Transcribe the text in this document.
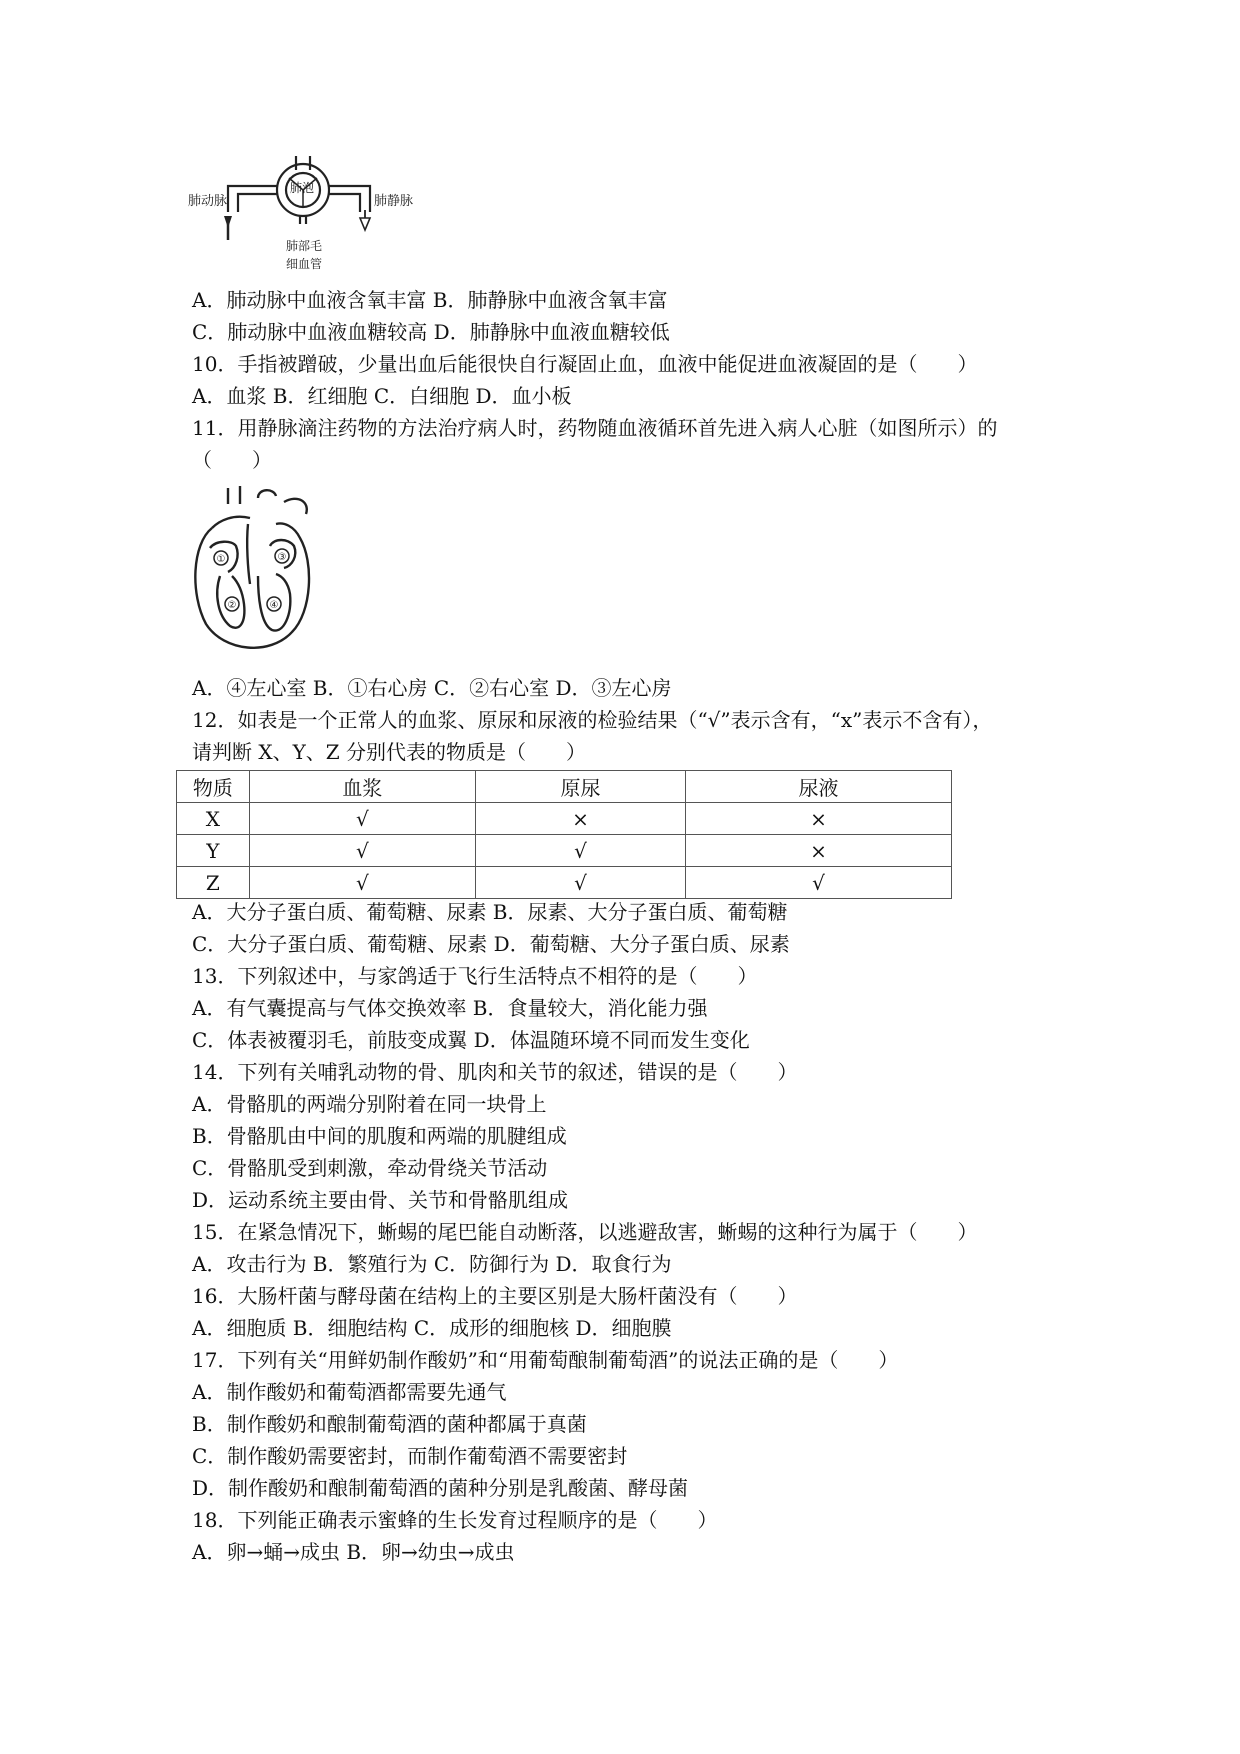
肺泡
肺动脉	肺静脉
肺部毛
细血管
A．肺动脉中血液含氧丰富 B．肺静脉中血液含氧丰富
C．肺动脉中血液血糖较高 D．肺静脉中血液血糖较低
10．手指被蹭破，少量出血后能很快自行凝固止血，血液中能促进血液凝固的是（　　）
A．血浆 B．红细胞 C．白细胞 D．血小板
11．用静脉滴注药物的方法治疗病人时，药物随血液循环首先进入病人心脏（如图所示）的
（　　）
①
②
③
④
A．④左心室 B．①右心房 C．②右心室 D．③左心房
12．如表是一个正常人的血浆、原尿和尿液的检验结果（“√”表示含有，“x”表示不含有），
请判断 X、Y、Z 分别代表的物质是（　　）
物质	血浆	原尿	尿液
X	√	×	×
Y	√	√	×
Z	√	√	√
A．大分子蛋白质、葡萄糖、尿素 B．尿素、大分子蛋白质、葡萄糖
C．大分子蛋白质、葡萄糖、尿素 D．葡萄糖、大分子蛋白质、尿素
13．下列叙述中，与家鸽适于飞行生活特点不相符的是（　　）
A．有气囊提高与气体交换效率 B．食量较大，消化能力强
C．体表被覆羽毛，前肢变成翼 D．体温随环境不同而发生变化
14．下列有关哺乳动物的骨、肌肉和关节的叙述，错误的是（　　）
A．骨骼肌的两端分别附着在同一块骨上
B．骨骼肌由中间的肌腹和两端的肌腱组成
C．骨骼肌受到刺激，牵动骨绕关节活动
D．运动系统主要由骨、关节和骨骼肌组成
15．在紧急情况下，蜥蜴的尾巴能自动断落，以逃避敌害，蜥蜴的这种行为属于（　　）
A．攻击行为 B．繁殖行为 C．防御行为 D．取食行为
16．大肠杆菌与酵母菌在结构上的主要区别是大肠杆菌没有（　　）
A．细胞质 B．细胞结构 C．成形的细胞核 D．细胞膜
17．下列有关“用鲜奶制作酸奶”和“用葡萄酿制葡萄酒”的说法正确的是（　　）
A．制作酸奶和葡萄酒都需要先通气
B．制作酸奶和酿制葡萄酒的菌种都属于真菌
C．制作酸奶需要密封，而制作葡萄酒不需要密封
D．制作酸奶和酿制葡萄酒的菌种分别是乳酸菌、酵母菌
18．下列能正确表示蜜蜂的生长发育过程顺序的是（　　）
A．卵→蛹→成虫 B．卵→幼虫→成虫
